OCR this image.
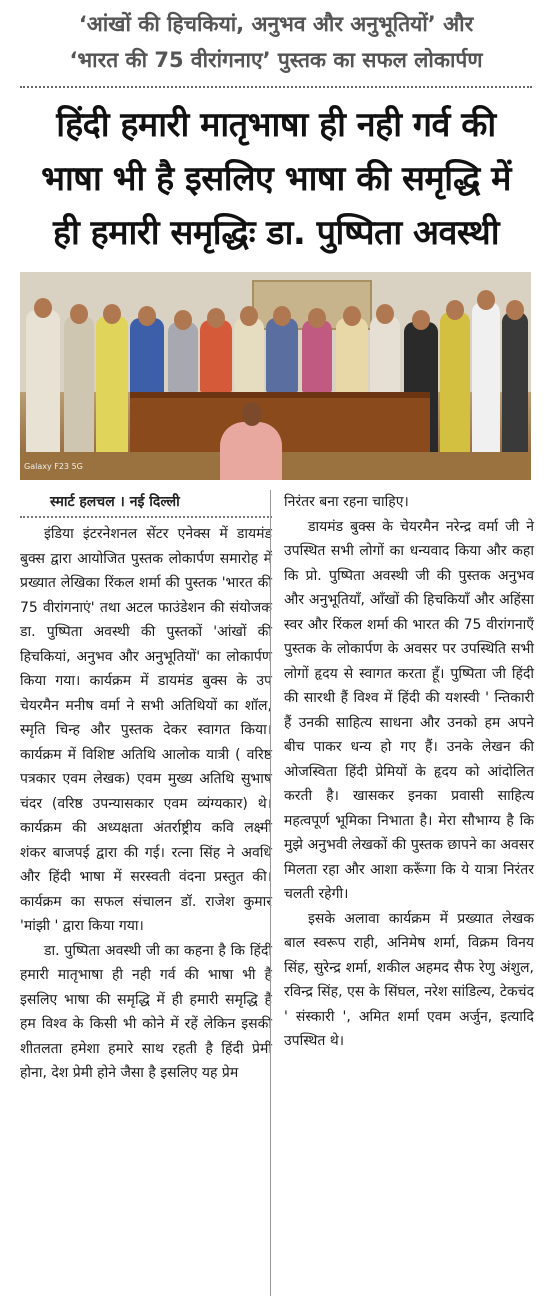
‘आंखों की हिचकियां, अनुभव और अनुभूतियों’ और
‘भारत की 75 वीरांगनाए’ पुस्तक का सफल लोकार्पण
हिंदी हमारी मातृभाषा ही नही गर्व की
भाषा भी है इसलिए भाषा की समृद्धि में
ही हमारी समृद्धिः डा. पुष्पिता अवस्थी
Galaxy F23 5G
स्मार्ट हलचल । नई दिल्ली

इंडिया इंटरनेशनल सेंटर एनेक्स में डायमंड बुक्स द्वारा आयोजित पुस्तक लोकार्पण समारोह में प्रख्यात लेखिका रिंकल शर्मा की पुस्तक 'भारत की 75 वीरांगनाएं' तथा अटल फाउंडेशन की संयोजक डा. पुष्पिता अवस्थी की पुस्तकों 'आंखों की हिचकियां, अनुभव और अनुभूतियों' का लोकार्पण किया गया। कार्यक्रम में डायमंड बुक्स के उप चेयरमैन मनीष वर्मा ने सभी अतिथियों का शॉल, स्मृति चिन्ह और पुस्तक देकर स्वागत किया। कार्यक्रम में विशिष्ट अतिथि आलोक यात्री ( वरिष्ठ पत्रकार एवम लेखक) एवम मुख्य अतिथि सुभाष चंदर (वरिष्ठ उपन्यासकार एवम व्यंग्यकार) थे। कार्यक्रम की अध्यक्षता अंतर्राष्ट्रीय कवि लक्ष्मी शंकर बाजपई द्वारा की गई। रत्ना सिंह ने अवधि और हिंदी भाषा में सरस्वती वंदना प्रस्तुत की। कार्यक्रम का सफल संचालन डॉ. राजेश कुमार 'मांझी ' द्वारा किया गया।

डा. पुष्पिता अवस्थी जी का कहना है कि हिंदी हमारी मातृभाषा ही नही गर्व की भाषा भी है इसलिए भाषा की समृद्धि में ही हमारी समृद्धि है हम विश्व के किसी भी कोने में रहें लेकिन इसकी शीतलता हमेशा हमारे साथ रहती है हिंदी प्रेमी होना, देश प्रेमी होने जैसा है इसलिए यह प्रेम

निरंतर बना रहना चाहिए।

डायमंड बुक्स के चेयरमैन नरेन्द्र वर्मा जी ने उपस्थित सभी लोगों का धन्यवाद किया और कहा कि प्रो. पुष्पिता अवस्थी जी की पुस्तक अनुभव और अनुभूतियाँ, आँखों की हिचकियाँ और अहिंसा स्वर और रिंकल शर्मा की भारत की 75 वीरांगनाएँ पुस्तक के लोकार्पण के अवसर पर उपस्थिति सभी लोगों हृदय से स्वागत करता हूँ। पुष्पिता जी हिंदी की सारथी हैं विश्व में हिंदी की यशस्वी ' न्तिकारी हैं उनकी साहित्य साधना और उनको हम अपने बीच पाकर धन्य हो गए हैं। उनके लेखन की ओजस्विता हिंदी प्रेमियों के हृदय को आंदोलित करती है। खासकर इनका प्रवासी साहित्य महत्वपूर्ण भूमिका निभाता है। मेरा सौभाग्य है कि मुझे अनुभवी लेखकों की पुस्तक छापने का अवसर मिलता रहा और आशा करूँगा कि ये यात्रा निरंतर चलती रहेगी।

इसके अलावा कार्यक्रम में प्रख्यात लेखक बाल स्वरूप राही, अनिमेष शर्मा, विक्रम विनय सिंह, सुरेन्द्र शर्मा, शकील अहमद सैफ रेणु अंशुल, रविन्द्र सिंह, एस के सिंघल, नरेश सांडिल्य, टेकचंद ' संस्कारी ', अमित शर्मा एवम अर्जुन, इत्यादि उपस्थित थे।
